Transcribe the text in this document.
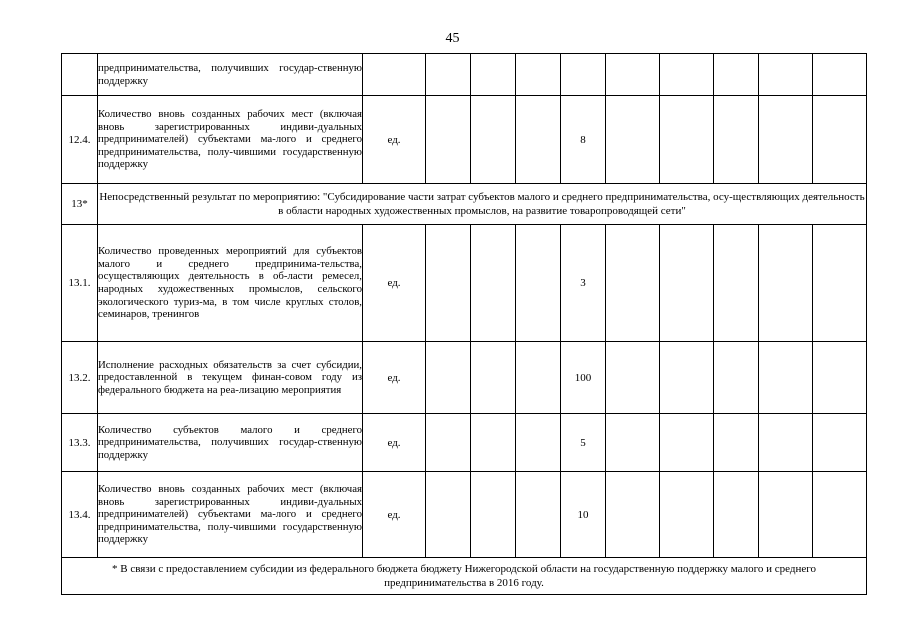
45
	предпринимательства, получивших государ-ственную поддержку										
12.4.	Количество вновь созданных рабочих мест (включая вновь зарегистрированных индиви-дуальных предпринимателей) субъектами ма-лого и среднего предпринимательства, полу-чившими государственную поддержку	ед.				8					
13*	Непосредственный результат по мероприятию: "Субсидирование части затрат субъектов малого и среднего предпринимательства, осу-ществляющих деятельность в области народных художественных промыслов, на развитие товаропроводящей сети"										
13.1.	Количество проведенных мероприятий для субъектов малого и среднего предпринима-тельства, осуществляющих деятельность в об-ласти ремесел, народных художественных промыслов, сельского экологического туриз-ма, в том числе круглых столов, семинаров, тренингов	ед.				3					
13.2.	Исполнение расходных обязательств за счет субсидии, предоставленной в текущем финан-совом году из федерального бюджета на реа-лизацию мероприятия	ед.				100					
13.3.	Количество субъектов малого и среднего предпринимательства, получивших государ-ственную поддержку	ед.				5					
13.4.	Количество вновь созданных рабочих мест (включая вновь зарегистрированных индиви-дуальных предпринимателей) субъектами ма-лого и среднего предпринимательства, полу-чившими государственную поддержку	ед.				10					
* В связи с предоставлением субсидии из федерального бюджета бюджету Нижегородской области на государственную поддержку малого и среднего предпринимательства в 2016 году.											
